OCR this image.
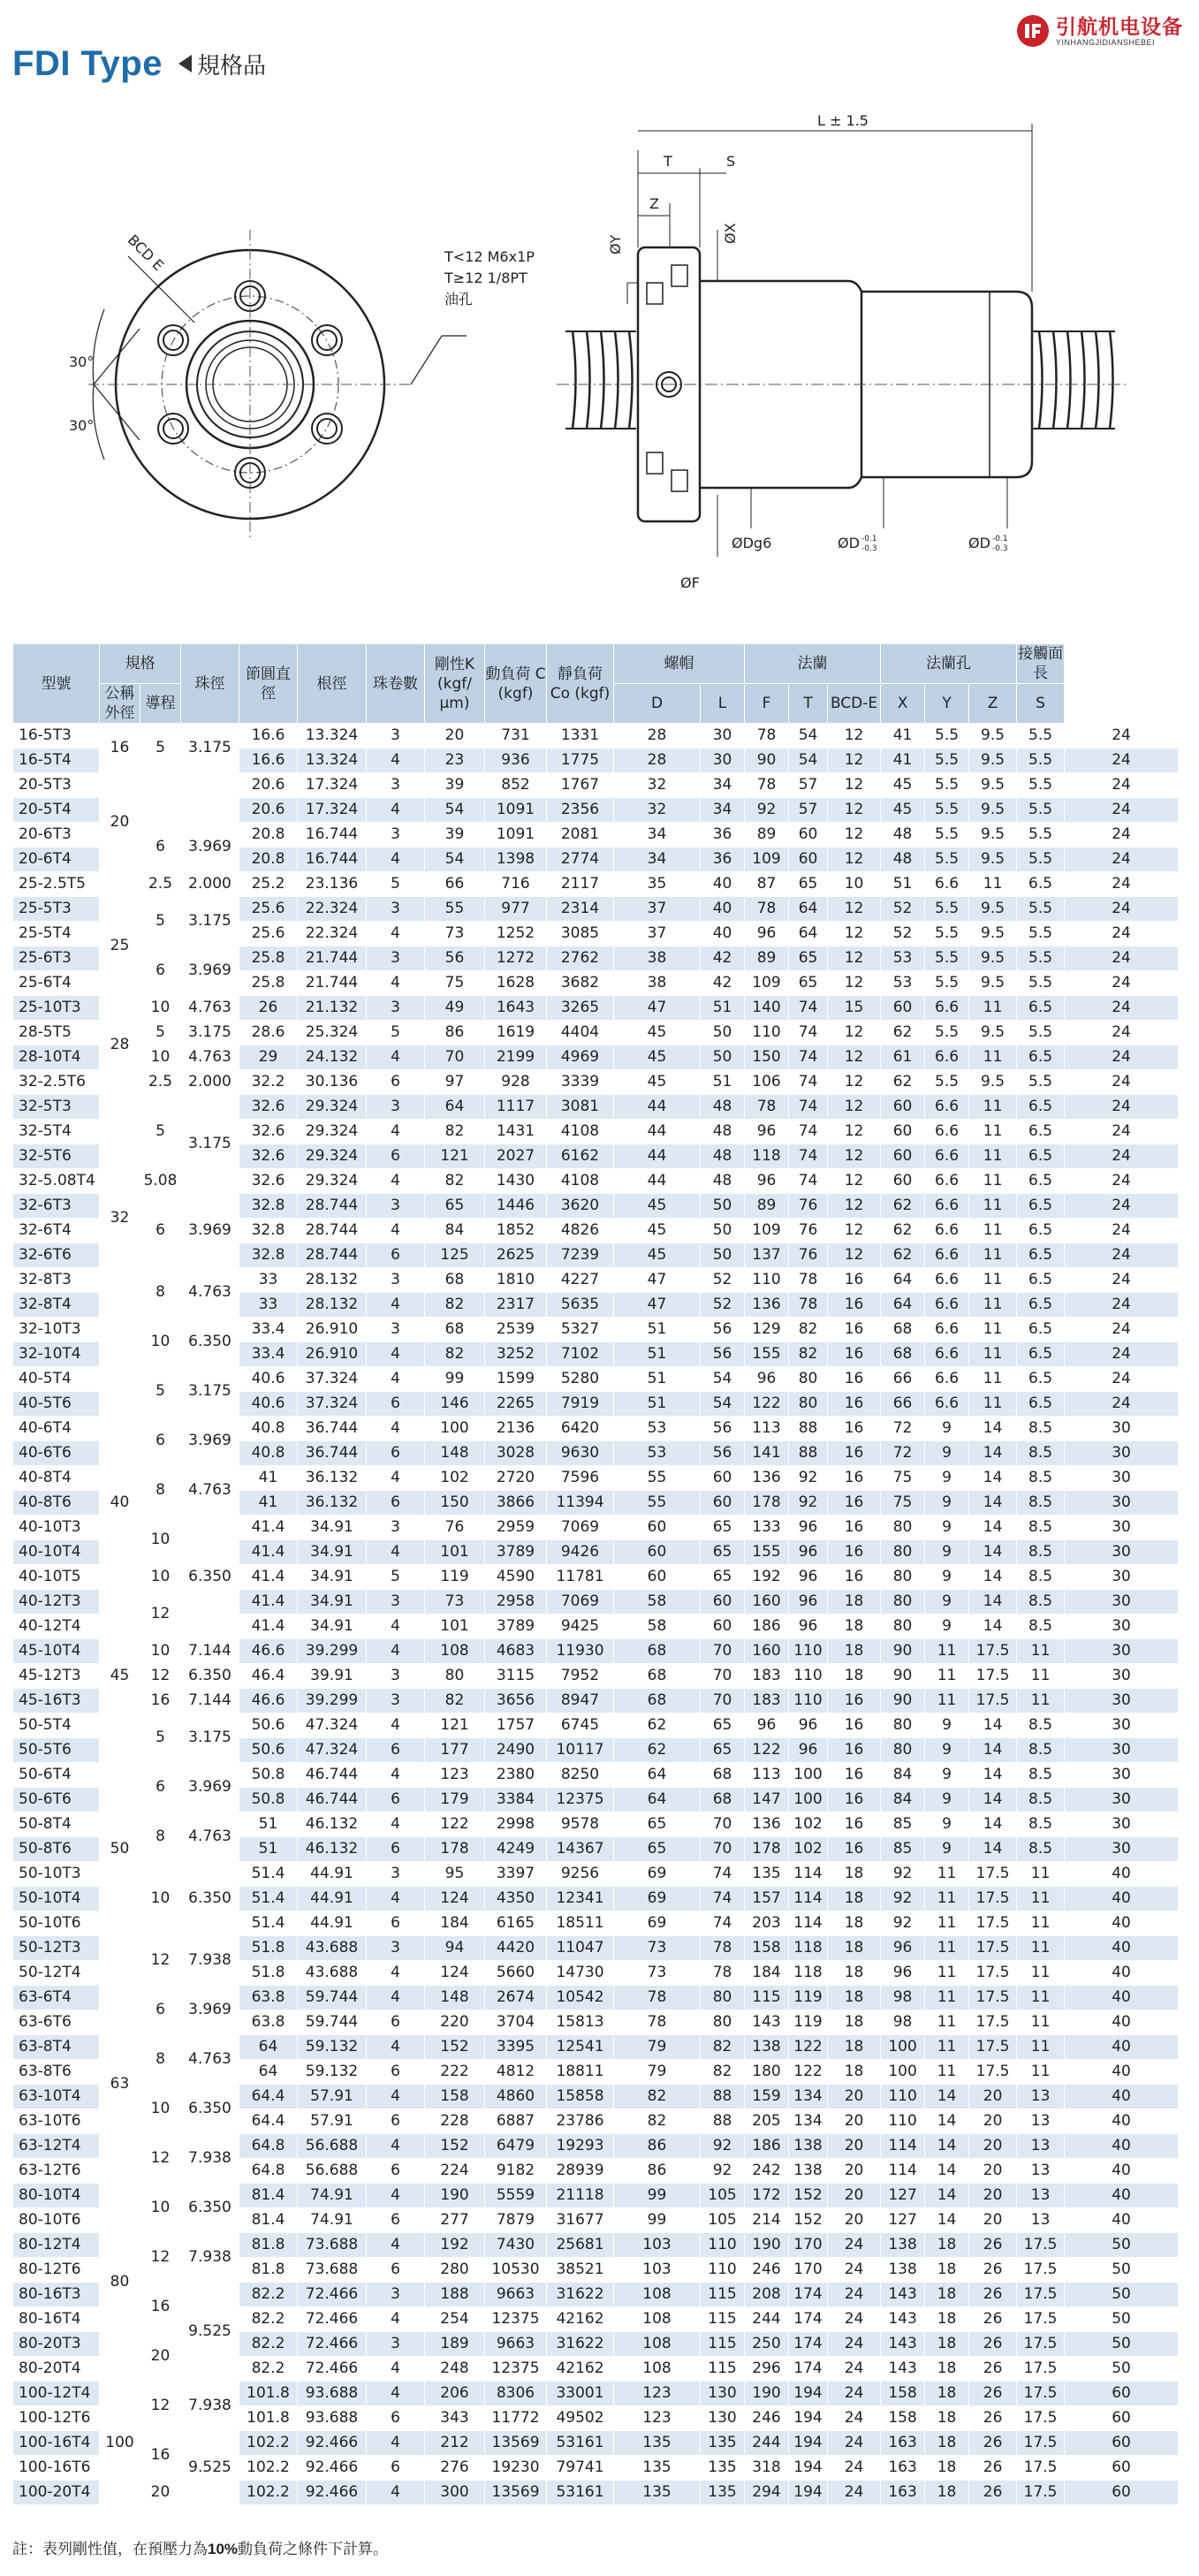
FDI Type 規格品
引航机电设备
YINHANGJIDIANSHEBEI
BCD E
30°
30°
T<12 M6x1P
T≥12 1/8PT
油孔
L ± 1.5
T	S
Z
ØY
ØX
ØF
ØDg6	ØD -0.1
-0.3	ØD -0.1
-0.3
型號	規格		珠徑	節圓直徑	根徑	珠卷數	剛性K (kgf/μm)	動負荷 C (kgf)	靜負荷 Co (kgf)	螺帽		法蘭			法蘭孔			接觸面長	
	公稱外徑	導程								D	L	F	T	BCD-E	X	Y	Z	S	
16-5T3	16	5	3.175	16.6	13.324	3	20	731	1331	28	30	78	54	12	41	5.5	9.5	5.5	24
16-5T4				16.6	13.324	4	23	936	1775	28	30	90	54	12	41	5.5	9.5	5.5	24
20-5T3	20			20.6	17.324	3	39	852	1767	32	34	78	57	12	45	5.5	9.5	5.5	24
20-5T4				20.6	17.324	4	54	1091	2356	32	34	92	57	12	45	5.5	9.5	5.5	24
20-6T3		6	3.969	20.8	16.744	3	39	1091	2081	34	36	89	60	12	48	5.5	9.5	5.5	24
20-6T4				20.8	16.744	4	54	1398	2774	34	36	109	60	12	48	5.5	9.5	5.5	24
25-2.5T5	25	2.5	2.000	25.2	23.136	5	66	716	2117	35	40	87	65	10	51	6.6	11	6.5	24
25-5T3		5	3.175	25.6	22.324	3	55	977	2314	37	40	78	64	12	52	5.5	9.5	5.5	24
25-5T4				25.6	22.324	4	73	1252	3085	37	40	96	64	12	52	5.5	9.5	5.5	24
25-6T3		6	3.969	25.8	21.744	3	56	1272	2762	38	42	89	65	12	53	5.5	9.5	5.5	24
25-6T4				25.8	21.744	4	75	1628	3682	38	42	109	65	12	53	5.5	9.5	5.5	24
25-10T3		10	4.763	26	21.132	3	49	1643	3265	47	51	140	74	15	60	6.6	11	6.5	24
28-5T5	28	5	3.175	28.6	25.324	5	86	1619	4404	45	50	110	74	12	62	5.5	9.5	5.5	24
28-10T4		10	4.763	29	24.132	4	70	2199	4969	45	50	150	74	12	61	6.6	11	6.5	24
32-2.5T6	32	2.5	2.000	32.2	30.136	6	97	928	3339	45	51	106	74	12	62	5.5	9.5	5.5	24
32-5T3		5	3.175	32.6	29.324	3	64	1117	3081	44	48	78	74	12	60	6.6	11	6.5	24
32-5T4				32.6	29.324	4	82	1431	4108	44	48	96	74	12	60	6.6	11	6.5	24
32-5T6				32.6	29.324	6	121	2027	6162	44	48	118	74	12	60	6.6	11	6.5	24
32-5.08T4		5.08		32.6	29.324	4	82	1430	4108	44	48	96	74	12	60	6.6	11	6.5	24
32-6T3		6	3.969	32.8	28.744	3	65	1446	3620	45	50	89	76	12	62	6.6	11	6.5	24
32-6T4				32.8	28.744	4	84	1852	4826	45	50	109	76	12	62	6.6	11	6.5	24
32-6T6				32.8	28.744	6	125	2625	7239	45	50	137	76	12	62	6.6	11	6.5	24
32-8T3		8	4.763	33	28.132	3	68	1810	4227	47	52	110	78	16	64	6.6	11	6.5	24
32-8T4				33	28.132	4	82	2317	5635	47	52	136	78	16	64	6.6	11	6.5	24
32-10T3		10	6.350	33.4	26.910	3	68	2539	5327	51	56	129	82	16	68	6.6	11	6.5	24
32-10T4				33.4	26.910	4	82	3252	7102	51	56	155	82	16	68	6.6	11	6.5	24
40-5T4	40	5	3.175	40.6	37.324	4	99	1599	5280	51	54	96	80	16	66	6.6	11	6.5	24
40-5T6				40.6	37.324	6	146	2265	7919	51	54	122	80	16	66	6.6	11	6.5	24
40-6T4		6	3.969	40.8	36.744	4	100	2136	6420	53	56	113	88	16	72	9	14	8.5	30
40-6T6				40.8	36.744	6	148	3028	9630	53	56	141	88	16	72	9	14	8.5	30
40-8T4		8	4.763	41	36.132	4	102	2720	7596	55	60	136	92	16	75	9	14	8.5	30
40-8T6				41	36.132	6	150	3866	11394	55	60	178	92	16	75	9	14	8.5	30
40-10T3		10	6.350	41.4	34.91	3	76	2959	7069	60	65	133	96	16	80	9	14	8.5	30
40-10T4				41.4	34.91	4	101	3789	9426	60	65	155	96	16	80	9	14	8.5	30
40-10T5		10		41.4	34.91	5	119	4590	11781	60	65	192	96	16	80	9	14	8.5	30
40-12T3		12		41.4	34.91	3	73	2958	7069	58	60	160	96	18	80	9	14	8.5	30
40-12T4				41.4	34.91	4	101	3789	9425	58	60	186	96	18	80	9	14	8.5	30
45-10T4	45	10	7.144	46.6	39.299	4	108	4683	11930	68	70	160	110	18	90	11	17.5	11	30
45-12T3		12	6.350	46.4	39.91	3	80	3115	7952	68	70	183	110	18	90	11	17.5	11	30
45-16T3		16	7.144	46.6	39.299	3	82	3656	8947	68	70	183	110	16	90	11	17.5	11	30
50-5T4	50	5	3.175	50.6	47.324	4	121	1757	6745	62	65	96	96	16	80	9	14	8.5	30
50-5T6				50.6	47.324	6	177	2490	10117	62	65	122	96	16	80	9	14	8.5	30
50-6T4		6	3.969	50.8	46.744	4	123	2380	8250	64	68	113	100	16	84	9	14	8.5	30
50-6T6				50.8	46.744	6	179	3384	12375	64	68	147	100	16	84	9	14	8.5	30
50-8T4		8	4.763	51	46.132	4	122	2998	9578	65	70	136	102	16	85	9	14	8.5	30
50-8T6				51	46.132	6	178	4249	14367	65	70	178	102	16	85	9	14	8.5	30
50-10T3		10	6.350	51.4	44.91	3	95	3397	9256	69	74	135	114	18	92	11	17.5	11	40
50-10T4				51.4	44.91	4	124	4350	12341	69	74	157	114	18	92	11	17.5	11	40
50-10T6				51.4	44.91	6	184	6165	18511	69	74	203	114	18	92	11	17.5	11	40
50-12T3		12	7.938	51.8	43.688	3	94	4420	11047	73	78	158	118	18	96	11	17.5	11	40
50-12T4				51.8	43.688	4	124	5660	14730	73	78	184	118	18	96	11	17.5	11	40
63-6T4	63	6	3.969	63.8	59.744	4	148	2674	10542	78	80	115	119	18	98	11	17.5	11	40
63-6T6				63.8	59.744	6	220	3704	15813	78	80	143	119	18	98	11	17.5	11	40
63-8T4		8	4.763	64	59.132	4	152	3395	12541	79	82	138	122	18	100	11	17.5	11	40
63-8T6				64	59.132	6	222	4812	18811	79	82	180	122	18	100	11	17.5	11	40
63-10T4		10	6.350	64.4	57.91	4	158	4860	15858	82	88	159	134	20	110	14	20	13	40
63-10T6				64.4	57.91	6	228	6887	23786	82	88	205	134	20	110	14	20	13	40
63-12T4		12	7.938	64.8	56.688	4	152	6479	19293	86	92	186	138	20	114	14	20	13	40
63-12T6				64.8	56.688	6	224	9182	28939	86	92	242	138	20	114	14	20	13	40
80-10T4	80	10	6.350	81.4	74.91	4	190	5559	21118	99	105	172	152	20	127	14	20	13	40
80-10T6				81.4	74.91	6	277	7879	31677	99	105	214	152	20	127	14	20	13	40
80-12T4		12	7.938	81.8	73.688	4	192	7430	25681	103	110	190	170	24	138	18	26	17.5	50
80-12T6				81.8	73.688	6	280	10530	38521	103	110	246	170	24	138	18	26	17.5	50
80-16T3		16	9.525	82.2	72.466	3	188	9663	31622	108	115	208	174	24	143	18	26	17.5	50
80-16T4				82.2	72.466	4	254	12375	42162	108	115	244	174	24	143	18	26	17.5	50
80-20T3		20		82.2	72.466	3	189	9663	31622	108	115	250	174	24	143	18	26	17.5	50
80-20T4				82.2	72.466	4	248	12375	42162	108	115	296	174	24	143	18	26	17.5	50
100-12T4	100	12	7.938	101.8	93.688	4	206	8306	33001	123	130	190	194	24	158	18	26	17.5	60
100-12T6				101.8	93.688	6	343	11772	49502	123	130	246	194	24	158	18	26	17.5	60
100-16T4		16	9.525	102.2	92.466	4	212	13569	53161	135	135	244	194	24	163	18	26	17.5	60
100-16T6				102.2	92.466	6	276	19230	79741	135	135	318	194	24	163	18	26	17.5	60
100-20T4		20		102.2	92.466	4	300	13569	53161	135	135	294	194	24	163	18	26	17.5	60
註：表列剛性值，在預壓力為10%動負荷之條件下計算。
